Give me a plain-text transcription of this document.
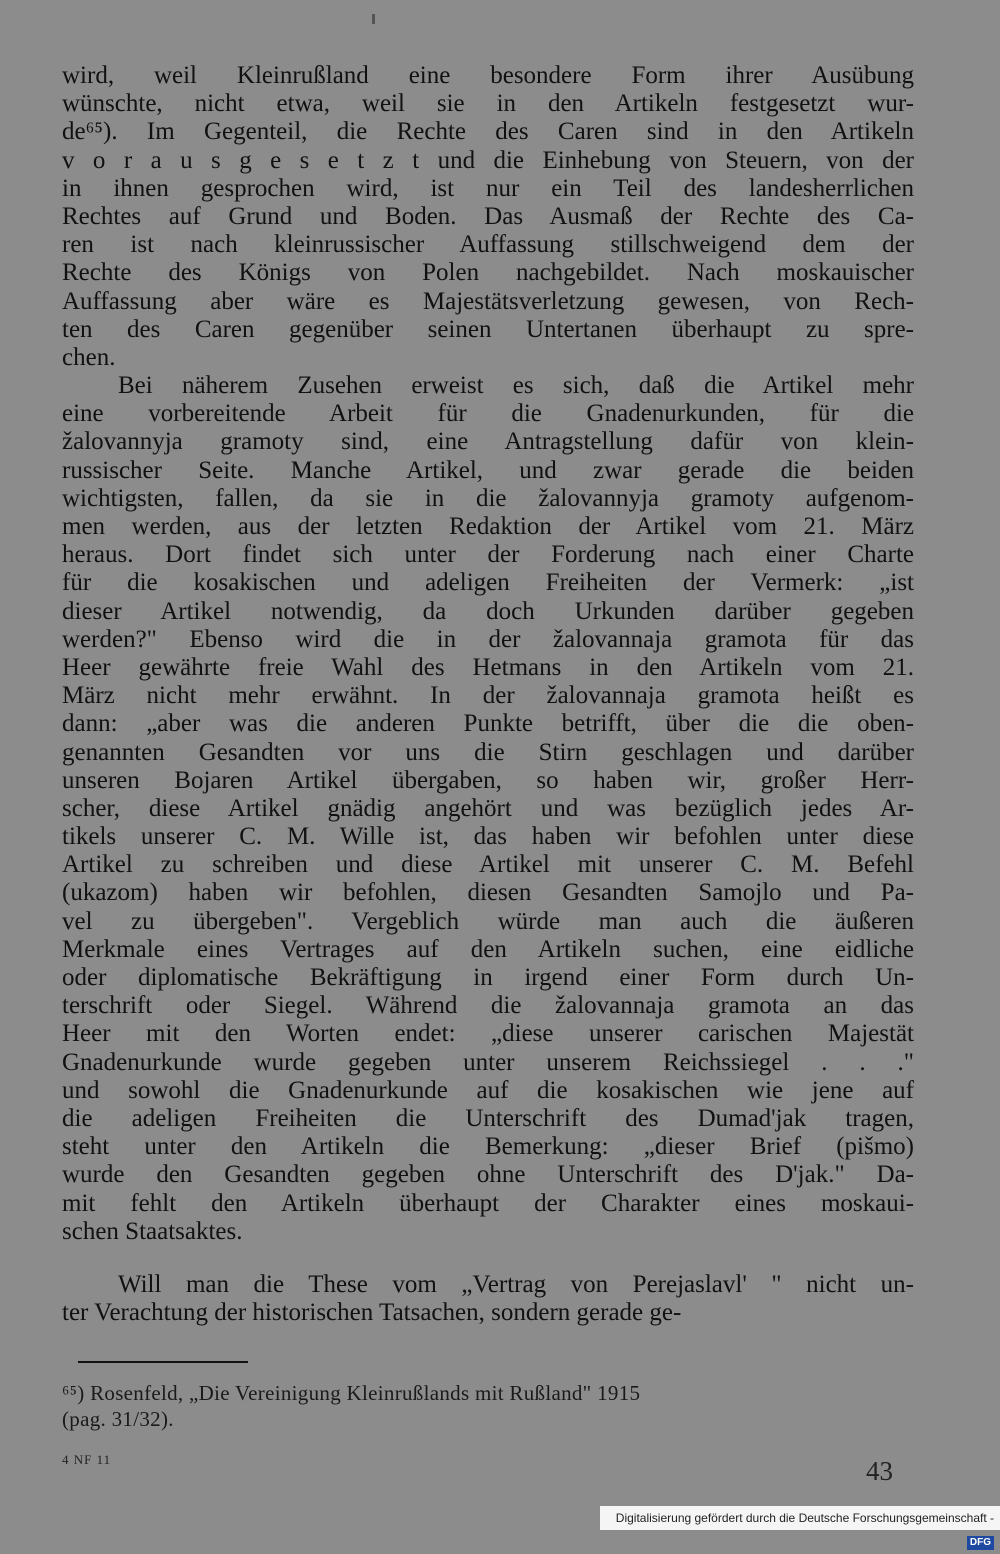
wird, weil Kleinrußland eine besondere Form ihrer Ausübung
wünschte, nicht etwa, weil sie in den Artikeln festgesetzt wur-
de⁶⁵). Im Gegenteil, die Rechte des Caren sind in den Artikeln
v o r a u s g e s e t z t und die Einhebung von Steuern, von der
in ihnen gesprochen wird, ist nur ein Teil des landesherrlichen
Rechtes auf Grund und Boden. Das Ausmaß der Rechte des Ca-
ren ist nach kleinrussischer Auffassung stillschweigend dem der
Rechte des Königs von Polen nachgebildet. Nach moskauischer
Auffassung aber wäre es Majestätsverletzung gewesen, von Rech-
ten des Caren gegenüber seinen Untertanen überhaupt zu spre-
chen.
Bei näherem Zusehen erweist es sich, daß die Artikel mehr
eine vorbereitende Arbeit für die Gnadenurkunden, für die
žalovannyja gramoty sind, eine Antragstellung dafür von klein-
russischer Seite. Manche Artikel, und zwar gerade die beiden
wichtigsten, fallen, da sie in die žalovannyja gramoty aufgenom-
men werden, aus der letzten Redaktion der Artikel vom 21. März
heraus. Dort findet sich unter der Forderung nach einer Charte
für die kosakischen und adeligen Freiheiten der Vermerk: „ist
dieser Artikel notwendig, da doch Urkunden darüber gegeben
werden?" Ebenso wird die in der žalovannaja gramota für das
Heer gewährte freie Wahl des Hetmans in den Artikeln vom 21.
März nicht mehr erwähnt. In der žalovannaja gramota heißt es
dann: „aber was die anderen Punkte betrifft, über die die oben-
genannten Gesandten vor uns die Stirn geschlagen und darüber
unseren Bojaren Artikel übergaben, so haben wir, großer Herr-
scher, diese Artikel gnädig angehört und was bezüglich jedes Ar-
tikels unserer C. M. Wille ist, das haben wir befohlen unter diese
Artikel zu schreiben und diese Artikel mit unserer C. M. Befehl
(ukazom) haben wir befohlen, diesen Gesandten Samojlo und Pa-
vel zu übergeben". Vergeblich würde man auch die äußeren
Merkmale eines Vertrages auf den Artikeln suchen, eine eidliche
oder diplomatische Bekräftigung in irgend einer Form durch Un-
terschrift oder Siegel. Während die žalovannaja gramota an das
Heer mit den Worten endet: „diese unserer carischen Majestät
Gnadenurkunde wurde gegeben unter unserem Reichssiegel . . ."
und sowohl die Gnadenurkunde auf die kosakischen wie jene auf
die adeligen Freiheiten die Unterschrift des Dumad'jak tragen,
steht unter den Artikeln die Bemerkung: „dieser Brief (pišmo)
wurde den Gesandten gegeben ohne Unterschrift des D'jak." Da-
mit fehlt den Artikeln überhaupt der Charakter eines moskaui-
schen Staatsaktes.
Will man die These vom „Vertrag von Perejaslavl' " nicht un-
ter Verachtung der historischen Tatsachen, sondern gerade ge-
⁶⁵) Rosenfeld, „Die Vereinigung Kleinrußlands mit Rußland" 1915
(pag. 31/32).
4 NF 11	43
Digitalisierung gefördert durch die Deutsche Forschungsgemeinschaft -DFG
